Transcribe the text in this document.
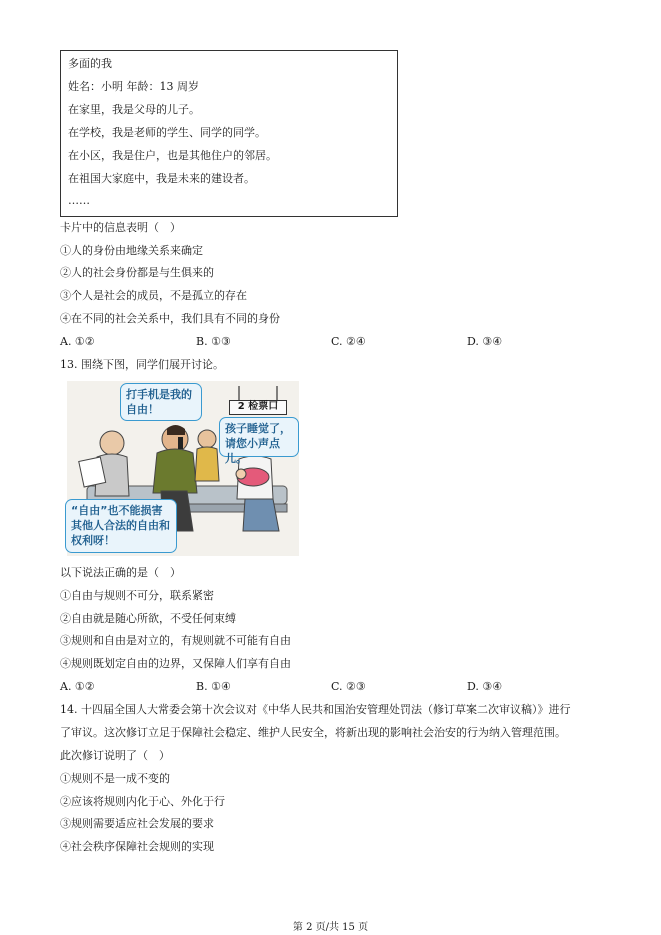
多面的我
姓名：小明 年龄：13 周岁
在家里，我是父母的儿子。
在学校，我是老师的学生、同学的同学。
在小区，我是住户，也是其他住户的邻居。
在祖国大家庭中，我是未来的建设者。
……
卡片中的信息表明（　）
①人的身份由地缘关系来确定
②人的社会身份都是与生俱来的
③个人是社会的成员，不是孤立的存在
④在不同的社会关系中，我们具有不同的身份
A. ①②	B. ①③	C. ②④	D. ③④
13. 围绕下图，同学们展开讨论。
打手机是我的自由！
孩子睡觉了，请您小声点儿。
“自由”也不能损害其他人合法的自由和权利呀！
2 检票口
以下说法正确的是（　）
①自由与规则不可分，联系紧密
②自由就是随心所欲，不受任何束缚
③规则和自由是对立的，有规则就不可能有自由
④规则既划定自由的边界，又保障人们享有自由
A. ①②	B. ①④	C. ②③	D. ③④
14. 十四届全国人大常委会第十次会议对《中华人民共和国治安管理处罚法（修订草案二次审议稿）》进行
了审议。这次修订立足于保障社会稳定、维护人民安全，将新出现的影响社会治安的行为纳入管理范围。
此次修订说明了（　）
①规则不是一成不变的
②应该将规则内化于心、外化于行
③规则需要适应社会发展的要求
④社会秩序保障社会规则的实现
第 2 页/共 15 页
